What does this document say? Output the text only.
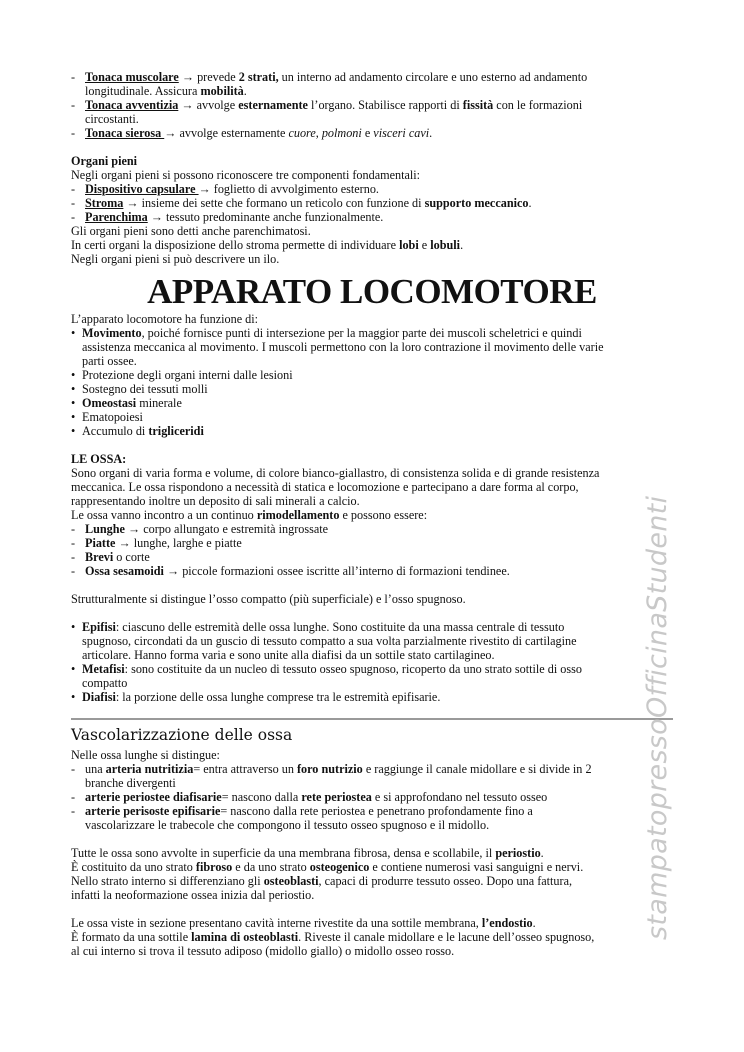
- Tonaca muscolare → prevede 2 strati, un interno ad andamento circolare e uno esterno ad andamento
longitudinale. Assicura mobilità.
- Tonaca avventizia → avvolge esternamente l’organo. Stabilisce rapporti di fissità con le formazioni
circostanti.
- Tonaca sierosa → avvolge esternamente cuore, polmoni e visceri cavi.
Organi pieni
Negli organi pieni si possono riconoscere tre componenti fondamentali:
- Dispositivo capsulare → foglietto di avvolgimento esterno.
- Stroma → insieme dei sette che formano un reticolo con funzione di supporto meccanico.
- Parenchima → tessuto predominante anche funzionalmente.
Gli organi pieni sono detti anche parenchimatosi.
In certi organi la disposizione dello stroma permette di individuare lobi e lobuli.
Negli organi pieni si può descrivere un ilo.
APPARATO LOCOMOTORE
L’apparato locomotore ha funzione di:
• Movimento, poiché fornisce punti di intersezione per la maggior parte dei muscoli scheletrici e quindi
assistenza meccanica al movimento. I muscoli permettono con la loro contrazione il movimento delle varie
parti ossee.
• Protezione degli organi interni dalle lesioni
• Sostegno dei tessuti molli
• Omeostasi minerale
• Ematopoiesi
• Accumulo di trigliceridi
LE OSSA:
Sono organi di varia forma e volume, di colore bianco-giallastro, di consistenza solida e di grande resistenza
meccanica. Le ossa rispondono a necessità di statica e locomozione e partecipano a dare forma al corpo,
rappresentando inoltre un deposito di sali minerali a calcio.
Le ossa vanno incontro a un continuo rimodellamento e possono essere:
- Lunghe → corpo allungato e estremità ingrossate
- Piatte → lunghe, larghe e piatte
- Brevi o corte
- Ossa sesamoidi → piccole formazioni ossee iscritte all’interno di formazioni tendinee.
Strutturalmente si distingue l’osso compatto (più superficiale) e l’osso spugnoso.
• Epifisi: ciascuno delle estremità delle ossa lunghe. Sono costituite da una massa centrale di tessuto
spugnoso, circondati da un guscio di tessuto compatto a sua volta parzialmente rivestito di cartilagine
articolare. Hanno forma varia e sono unite alla diafisi da un sottile stato cartilagineo.
• Metafisi: sono costituite da un nucleo di tessuto osseo spugnoso, ricoperto da uno strato sottile di osso
compatto
• Diafisi: la porzione delle ossa lunghe comprese tra le estremità epifisarie.
Vascolarizzazione delle ossa
Nelle ossa lunghe si distingue:
- una arteria nutritizia= entra attraverso un foro nutrizio e raggiunge il canale midollare e si divide in 2
branche divergenti
- arterie periostee diafisarie= nascono dalla rete periostea e si approfondano nel tessuto osseo
- arterie perisoste epifisarie= nascono dalla rete periostea e penetrano profondamente fino a
vascolarizzare le trabecole che compongono il tessuto osseo spugnoso e il midollo.
Tutte le ossa sono avvolte in superficie da una membrana fibrosa, densa e scollabile, il periostio.
È costituito da uno strato fibroso e da uno strato osteogenico e contiene numerosi vasi sanguigni e nervi.
Nello strato interno si differenziano gli osteoblasti, capaci di produrre tessuto osseo. Dopo una fattura,
infatti la neoformazione ossea inizia dal periostio.
Le ossa viste in sezione presentano cavità interne rivestite da una sottile membrana, l’endostio.
È formato da una sottile lamina di osteoblasti. Riveste il canale midollare e le lacune dell’osseo spugnoso,
al cui interno si trova il tessuto adiposo (midollo giallo) o midollo osseo rosso.
stampatopressoOfficinaStudenti
